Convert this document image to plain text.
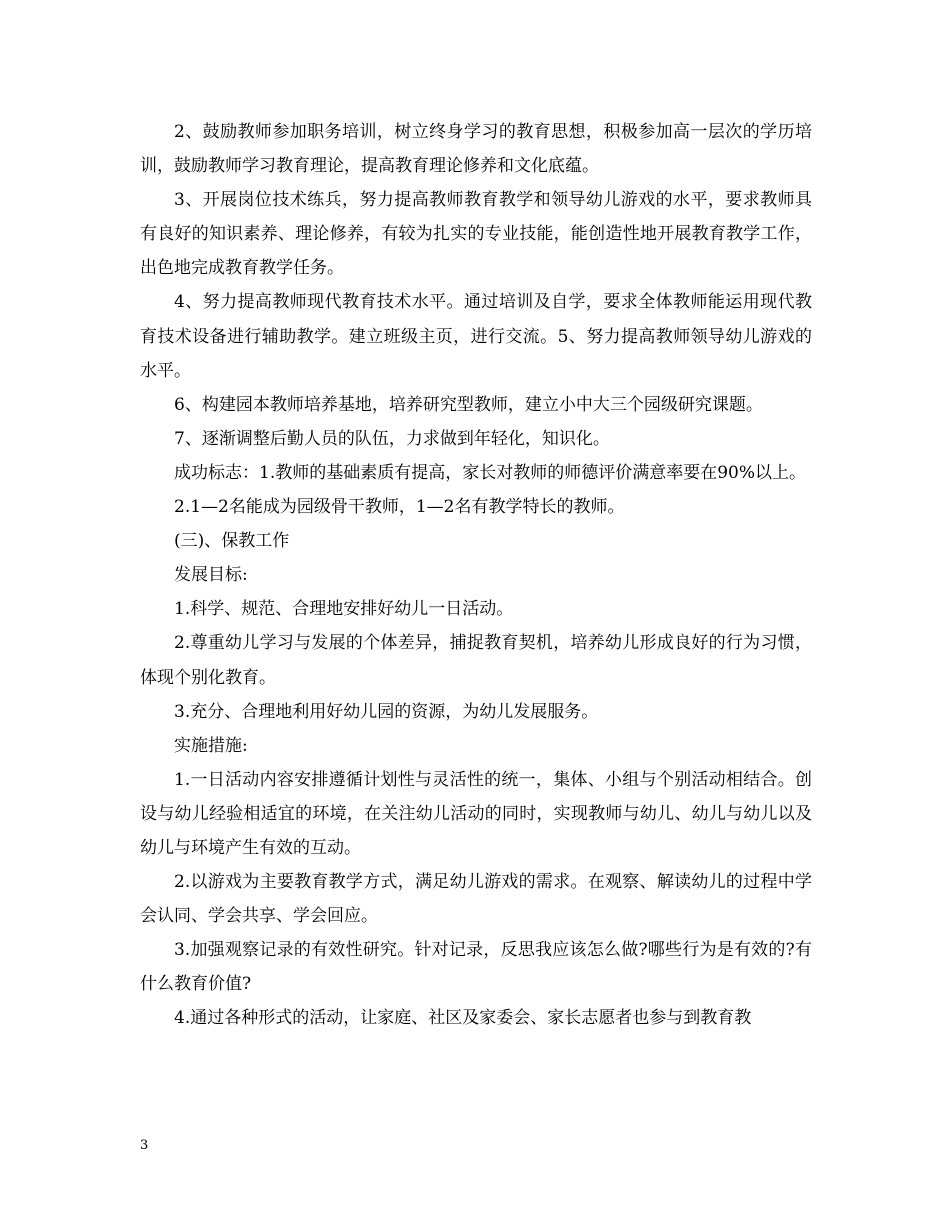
2、鼓励教师参加职务培训，树立终身学习的教育思想，积极参加高一层次的学历培训，鼓励教师学习教育理论，提高教育理论修养和文化底蕴。

3、开展岗位技术练兵，努力提高教师教育教学和领导幼儿游戏的水平，要求教师具有良好的知识素养、理论修养，有较为扎实的专业技能，能创造性地开展教育教学工作，出色地完成教育教学任务。

4、努力提高教师现代教育技术水平。通过培训及自学，要求全体教师能运用现代教育技术设备进行辅助教学。建立班级主页，进行交流。5、努力提高教师领导幼儿游戏的水平。

6、构建园本教师培养基地，培养研究型教师，建立小中大三个园级研究课题。

7、逐渐调整后勤人员的队伍，力求做到年轻化，知识化。

成功标志：1.教师的基础素质有提高，家长对教师的师德评价满意率要在90%以上。

2.1—2名能成为园级骨干教师，1—2名有教学特长的教师。

(三)、保教工作

发展目标:

1.科学、规范、合理地安排好幼儿一日活动。

2.尊重幼儿学习与发展的个体差异，捕捉教育契机，培养幼儿形成良好的行为习惯，体现个别化教育。

3.充分、合理地利用好幼儿园的资源，为幼儿发展服务。

实施措施:

1.一日活动内容安排遵循计划性与灵活性的统一，集体、小组与个别活动相结合。创设与幼儿经验相适宜的环境，在关注幼儿活动的同时，实现教师与幼儿、幼儿与幼儿以及幼儿与环境产生有效的互动。

2.以游戏为主要教育教学方式，满足幼儿游戏的需求。在观察、解读幼儿的过程中学会认同、学会共享、学会回应。

3.加强观察记录的有效性研究。针对记录，反思我应该怎么做?哪些行为是有效的?有什么教育价值?

4.通过各种形式的活动，让家庭、社区及家委会、家长志愿者也参与到教育教

3
